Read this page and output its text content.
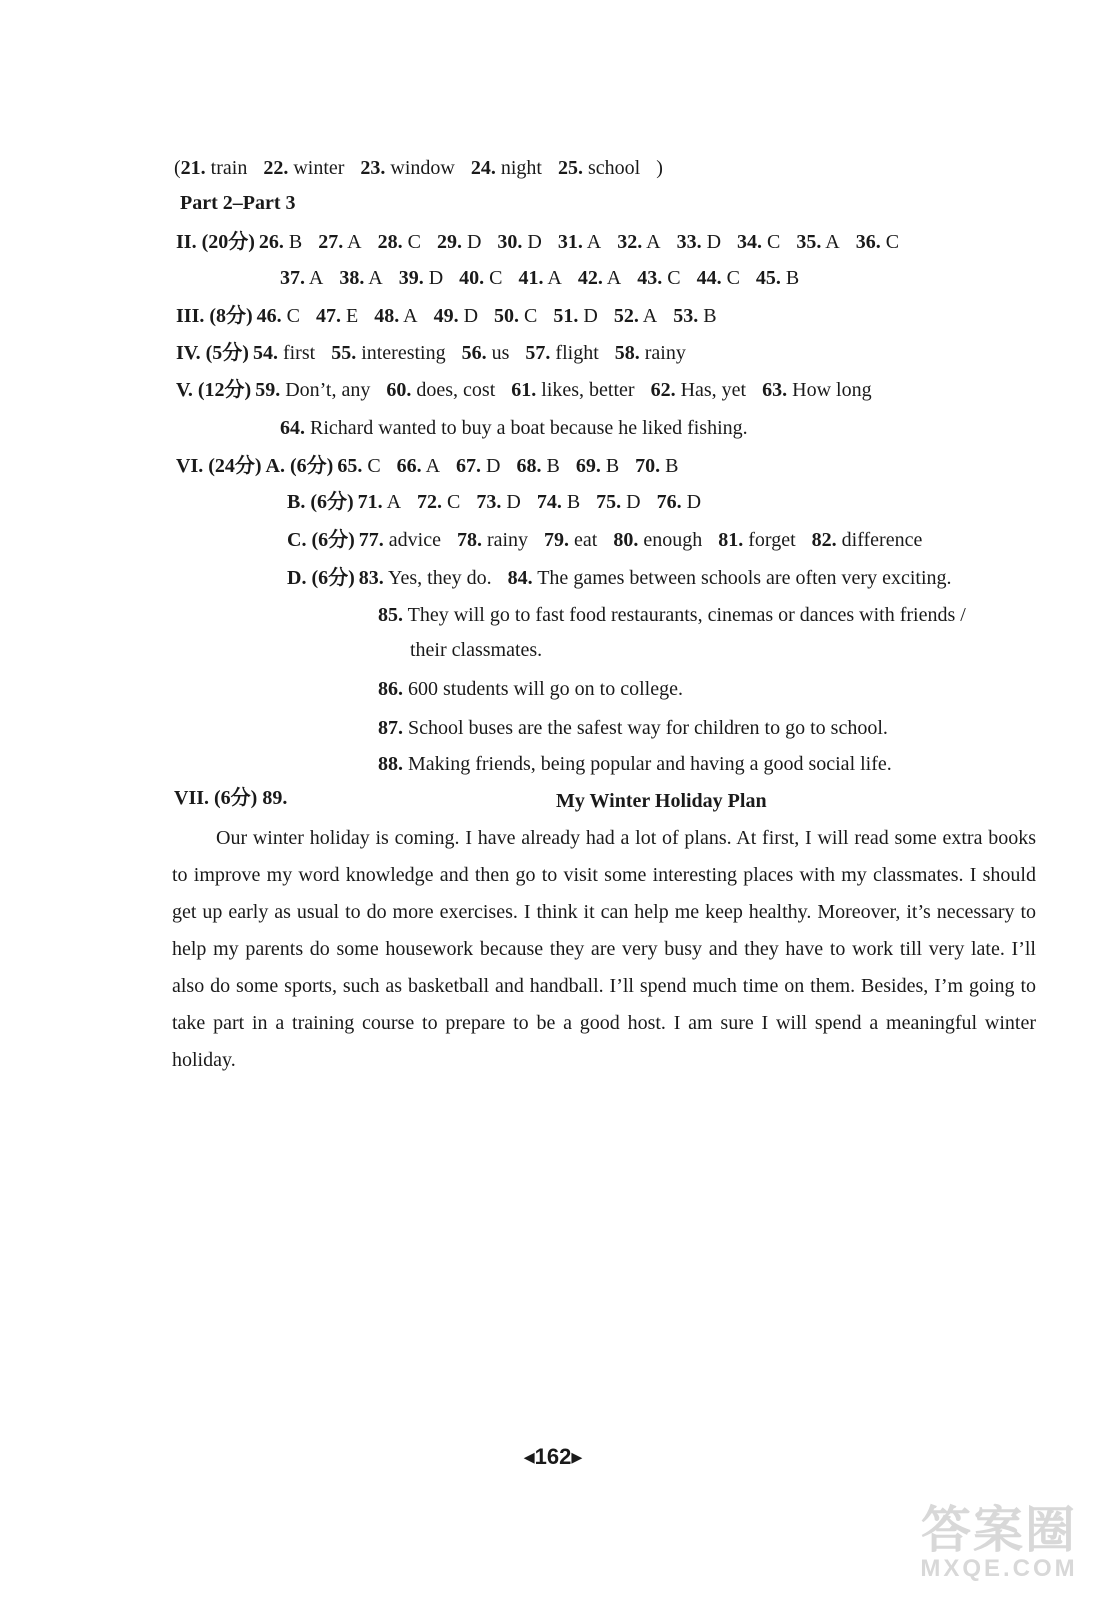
(21. train 22. winter 23. window 24. night 25. school )
Part 2–Part 3
II. (20分) 26. B 27. A 28. C 29. D 30. D 31. A 32. A 33. D 34. C 35. A 36. C
37. A 38. A 39. D 40. C 41. A 42. A 43. C 44. C 45. B
III. (8分) 46. C 47. E 48. A 49. D 50. C 51. D 52. A 53. B
IV. (5分) 54. first 55. interesting 56. us 57. flight 58. rainy
V. (12分) 59. Don’t, any 60. does, cost 61. likes, better 62. Has, yet 63. How long
64. Richard wanted to buy a boat because he liked fishing.
VI. (24分) A. (6分) 65. C 66. A 67. D 68. B 69. B 70. B
B. (6分) 71. A 72. C 73. D 74. B 75. D 76. D
C. (6分) 77. advice 78. rainy 79. eat 80. enough 81. forget 82. difference
D. (6分) 83. Yes, they do. 84. The games between schools are often very exciting.
85. They will go to fast food restaurants, cinemas or dances with friends /
their classmates.
86. 600 students will go on to college.
87. School buses are the safest way for children to go to school.
88. Making friends, being popular and having a good social life.
VII. (6分) 89.	My Winter Holiday Plan

Our winter holiday is coming. I have already had a lot of plans. At first, I will read some extra books to improve my word knowledge and then go to visit some interesting places with my classmates. I should get up early as usual to do more exercises. I think it can help me keep healthy. Moreover, it’s necessary to help my parents do some housework because they are very busy and they have to work till very late. I’ll also do some sports, such as basketball and handball. I’ll spend much time on them. Besides, I’m going to take part in a training course to prepare to be a good host. I am sure I will spend a meaningful winter holiday.

◂162▸
答案圈
MXQE.COM
